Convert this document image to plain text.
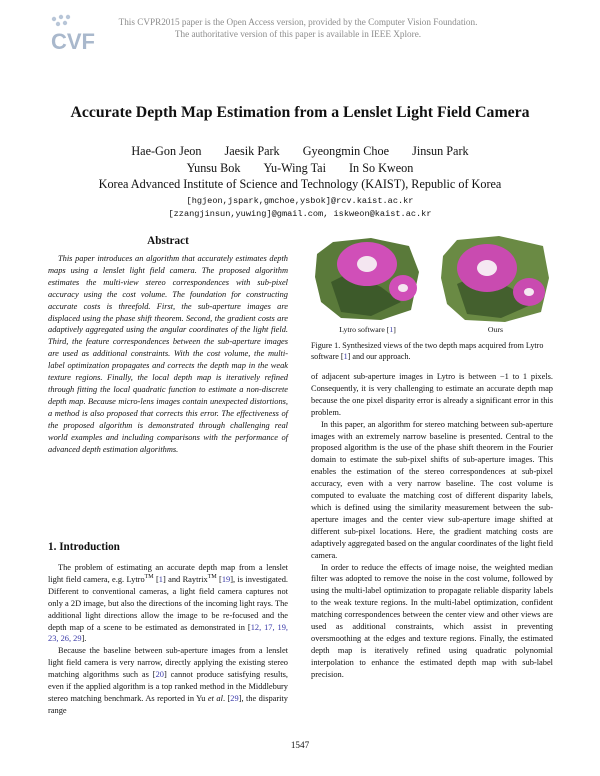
CVF
This CVPR2015 paper is the Open Access version, provided by the Computer Vision Foundation.
The authoritative version of this paper is available in IEEE Xplore.
Accurate Depth Map Estimation from a Lenslet Light Field Camera
Hae-Gon Jeon Jaesik Park Gyeongmin Choe Jinsun Park
Yunsu Bok Yu-Wing Tai In So Kweon
Korea Advanced Institute of Science and Technology (KAIST), Republic of Korea
[hgjeon,jspark,gmchoe,ysbok]@rcv.kaist.ac.kr
[zzangjinsun,yuwing]@gmail.com, iskweon@kaist.ac.kr
Abstract
This paper introduces an algorithm that accurately estimates depth maps using a lenslet light field camera. The proposed algorithm estimates the multi-view stereo correspondences with sub-pixel accuracy using the cost volume. The foundation for constructing accurate costs is threefold. First, the sub-aperture images are displaced using the phase shift theorem. Second, the gradient costs are adaptively aggregated using the angular coordinates of the light field. Third, the feature correspondences between the sub-aperture images are used as additional constraints. With the cost volume, the multi-label optimization propagates and corrects the depth map in the weak texture regions. Finally, the local depth map is iteratively refined through fitting the local quadratic function to estimate a non-discrete depth map. Because micro-lens images contain unexpected distortions, a method is also proposed that corrects this error. The effectiveness of the proposed algorithm is demonstrated through challenging real world examples and including comparisons with the performance of advanced depth estimation algorithms.
1. Introduction

The problem of estimating an accurate depth map from a lenslet light field camera, e.g. Lytro™ [1] and Raytrix™ [19], is investigated. Different to conventional cameras, a light field camera captures not only a 2D image, but also the directions of the incoming light rays. The additional light directions allow the image to be re-focused and the depth map of a scene to be estimated as demonstrated in [12, 17, 19, 23, 26, 29].

Because the baseline between sub-aperture images from a lenslet light field camera is very narrow, directly applying the existing stereo matching algorithms such as [20] cannot produce satisfying results, even if the applied algorithm is a top ranked method in the Middlebury stereo matching benchmark. As reported in Yu et al. [29], the disparity range

Lytro software [1]	Ours
Figure 1. Synthesized views of the two depth maps acquired from Lytro software [1] and our approach.

of adjacent sub-aperture images in Lytro is between −1 to 1 pixels. Consequently, it is very challenging to estimate an accurate depth map because the one pixel disparity error is already a significant error in this problem.

In this paper, an algorithm for stereo matching between sub-aperture images with an extremely narrow baseline is presented. Central to the proposed algorithm is the use of the phase shift theorem in the Fourier domain to estimate the sub-pixel shifts of sub-aperture images. This enables the estimation of the stereo correspondences at sub-pixel accuracy, even with a very narrow baseline. The cost volume is computed to evaluate the matching cost of different disparity labels, which is defined using the similarity measurement between the sub-aperture images and the center view sub-aperture image shifted at different sub-pixel locations. Here, the gradient matching costs are adaptively aggregated based on the angular coordinates of the light field camera.

In order to reduce the effects of image noise, the weighted median filter was adopted to remove the noise in the cost volume, followed by using the multi-label optimization to propagate reliable disparity labels to the weak texture regions. In the multi-label optimization, confident matching correspondences between the center view and other views are used as additional constraints, which assist in preventing oversmoothing at the edges and texture regions. Finally, the estimated depth map is iteratively refined using quadratic polynomial interpolation to enhance the estimated depth map with sub-label precision.

1547
